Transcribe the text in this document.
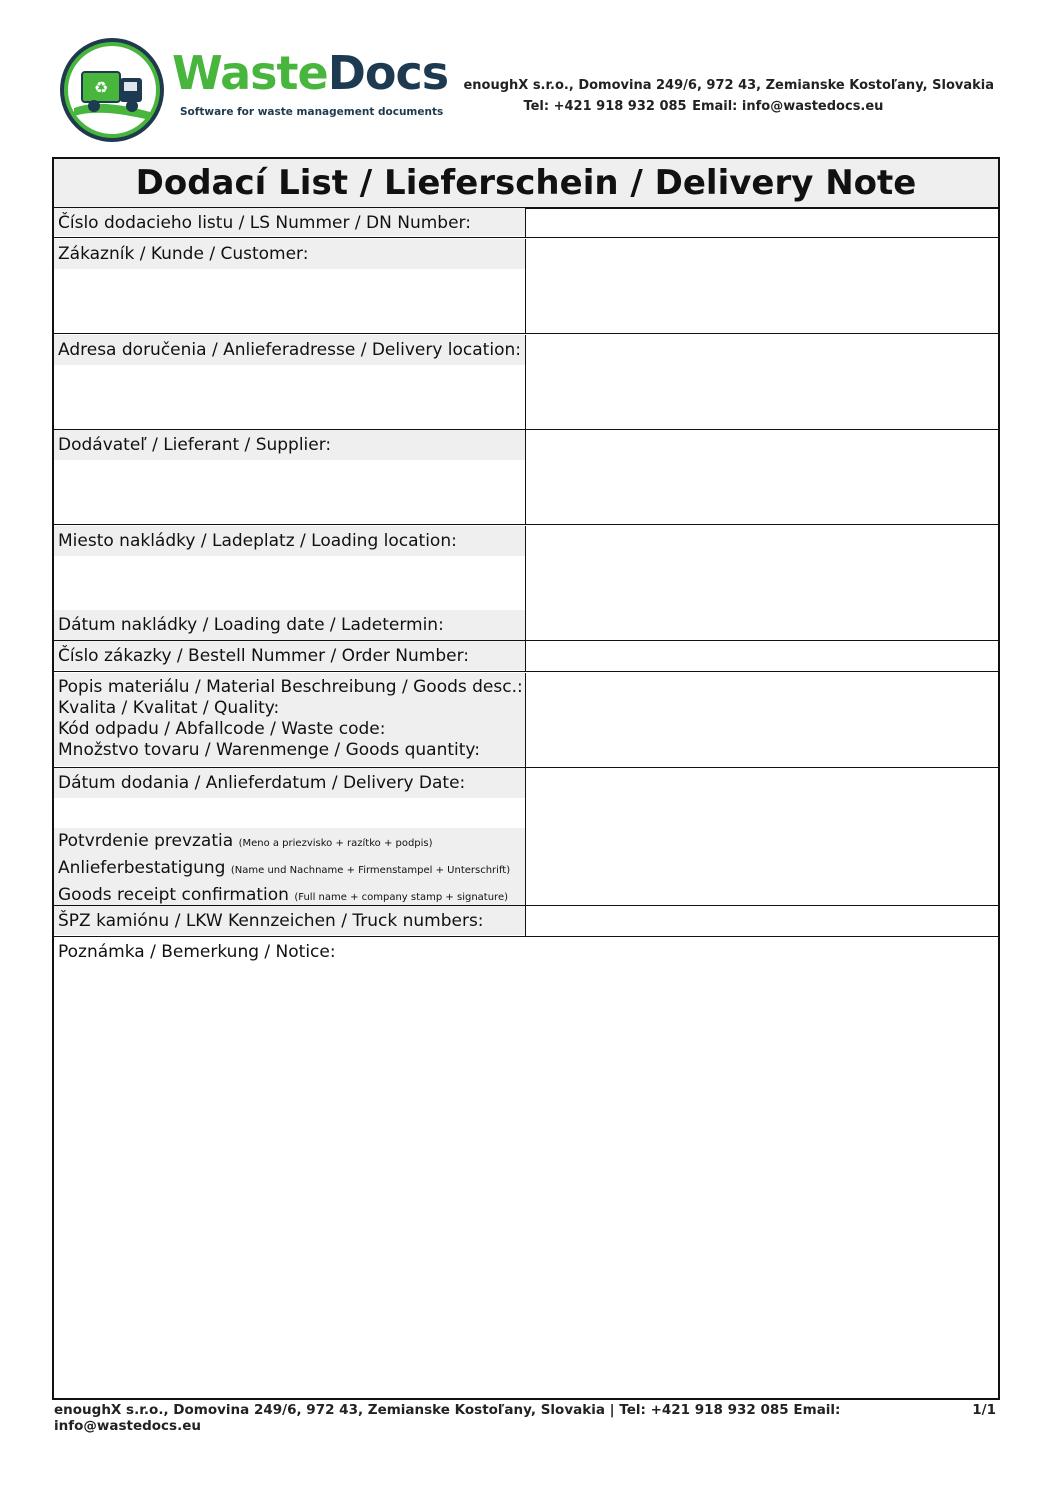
♻ WasteDocs
Software for waste management documents
enoughX s.r.o., Domovina 249/6, 972 43, Zemianske Kostoľany, Slovakia
Tel: +421 918 932 085 Email: info@wastedocs.eu
Dodací List / Lieferschein / Delivery Note
Číslo dodacieho listu / LS Nummer / DN Number:
Zákazník / Kunde / Customer:
Adresa doručenia / Anlieferadresse / Delivery location:
Dodávateľ / Lieferant / Supplier:
Miesto nakládky / Ladeplatz / Loading location:
Dátum nakládky / Loading date / Ladetermin:
Číslo zákazky / Bestell Nummer / Order Number:
Popis materiálu / Material Beschreibung / Goods desc.:
Kvalita / Kvalitat / Quality:
Kód odpadu / Abfallcode / Waste code:
Množstvo tovaru / Warenmenge / Goods quantity:
Dátum dodania / Anlieferdatum / Delivery Date:
Potvrdenie prevzatia (Meno a priezvisko + razítko + podpis)
Anlieferbestatigung (Name und Nachname + Firmenstampel + Unterschrift)
Goods receipt confirmation (Full name + company stamp + signature)
ŠPZ kamiónu / LKW Kennzeichen / Truck numbers:
Poznámka / Bemerkung / Notice:
enoughX s.r.o., Domovina 249/6, 972 43, Zemianske Kostoľany, Slovakia | Tel: +421 918 932 085 Email: info@wastedocs.eu
1/1
